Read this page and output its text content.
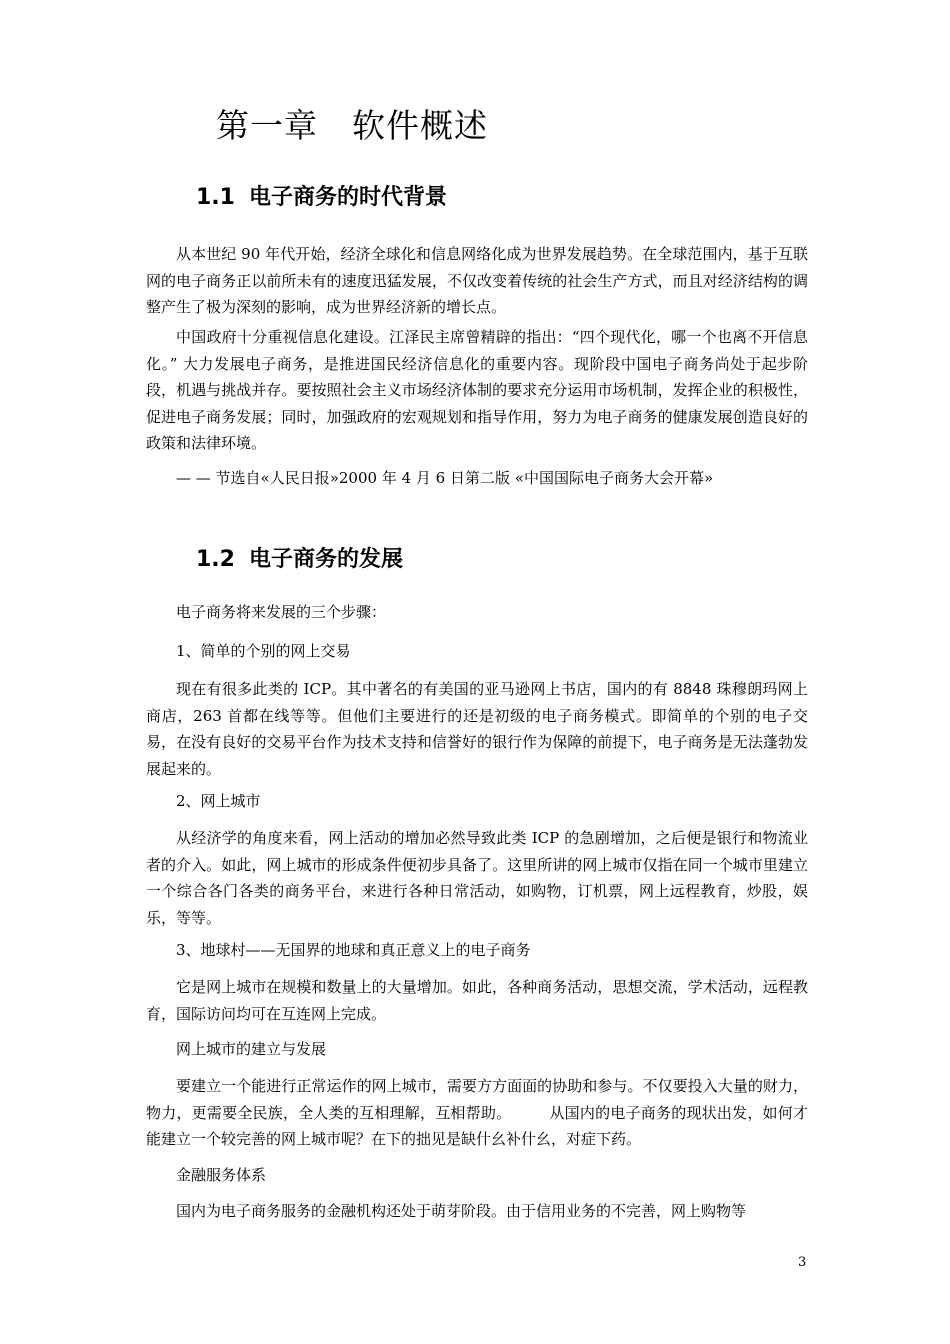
第一章　软件概述
1.1 电子商务的时代背景

从本世纪 90 年代开始，经济全球化和信息网络化成为世界发展趋势。在全球范围内，基于互联网的电子商务正以前所未有的速度迅猛发展，不仅改变着传统的社会生产方式，而且对经济结构的调整产生了极为深刻的影响，成为世界经济新的增长点。

中国政府十分重视信息化建设。江泽民主席曾精辟的指出：“四个现代化，哪一个也离不开信息化。” 大力发展电子商务，是推进国民经济信息化的重要内容。现阶段中国电子商务尚处于起步阶段，机遇与挑战并存。要按照社会主义市场经济体制的要求充分运用市场机制，发挥企业的积极性，促进电子商务发展；同时，加强政府的宏观规划和指导作用，努力为电子商务的健康发展创造良好的政策和法律环境。

— — 节选自«人民日报»2000 年 4 月 6 日第二版 «中国国际电子商务大会开幕»

1.2 电子商务的发展

电子商务将来发展的三个步骤：

1、简单的个别的网上交易

现在有很多此类的 ICP。其中著名的有美国的亚马逊网上书店，国内的有 8848 珠穆朗玛网上商店，263 首都在线等等。但他们主要进行的还是初级的电子商务模式。即简单的个别的电子交易，在没有良好的交易平台作为技术支持和信誉好的银行作为保障的前提下，电子商务是无法蓬勃发展起来的。

2、网上城市

从经济学的角度来看，网上活动的增加必然导致此类 ICP 的急剧增加，之后便是银行和物流业者的介入。如此，网上城市的形成条件便初步具备了。这里所讲的网上城市仅指在同一个城市里建立一个综合各门各类的商务平台，来进行各种日常活动，如购物，订机票，网上远程教育，炒股，娱乐，等等。

3、地球村——无国界的地球和真正意义上的电子商务

它是网上城市在规模和数量上的大量增加。如此，各种商务活动，思想交流，学术活动，远程教育，国际访问均可在互连网上完成。

网上城市的建立与发展

要建立一个能进行正常运作的网上城市，需要方方面面的协助和参与。不仅要投入大量的财力，物力，更需要全民族，全人类的互相理解，互相帮助。　　　从国内的电子商务的现状出发，如何才能建立一个较完善的网上城市呢？在下的拙见是缺什幺补什幺，对症下药。

金融服务体系

国内为电子商务服务的金融机构还处于萌芽阶段。由于信用业务的不完善，网上购物等

3
